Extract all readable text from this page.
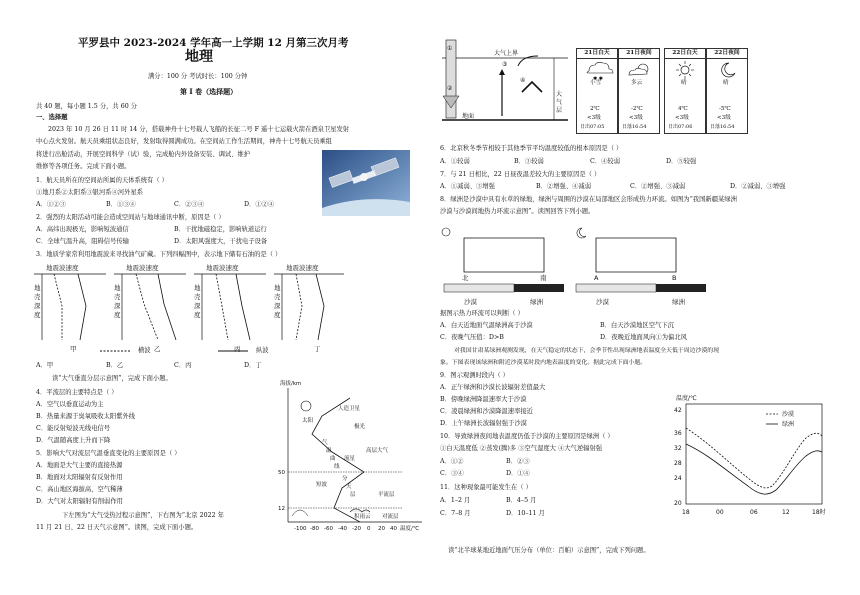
平罗县中 2023-2024 学年高一上学期 12 月第三次月考
地理
满分：100 分 考试时长：100 分钟
第 I 卷（选择题）
共 40 题，每小题 1.5 分，共 60 分
一、选择题
2023 年 10 月 26 日 11 时 14 分，搭载神舟十七号载人飞船的长征二号 F 遥十七运载火箭在酒泉卫星发射
中心点火发射。航天员乘组状态良好，发射取得圆满成功。在空间站工作生活期间，神舟十七号航天员乘组
将进行出舱活动，开展空间科学（试）验，完成舱内外设备安装、调试、维护
维修等各项任务。完成下面小题。
1．航天员所在的空间站所属的天体系统有（ ）
①地月系②太阳系③银河系④河外星系
A．①②③	B．①③④	C．②③④	D．①②④
2．强烈的太阳活动可能会造成空间站与地球通讯中断，原因是（ ）
A．高纬出现极光，影响短波通信	B．干扰地磁稳定，影响轨道运行
C．全球气温升高，阻碍信号传输	D．太阳风强度大，干扰电子设备
3．地质学家常利用地震波来寻找油气矿藏。下列四幅图中，表示地下储有石油的是（ ）
地震波速度
地
壳
深
度
甲
地震波速度
地
壳
深
度
乙
地震波速度
地
壳
深
度
丙
地震波速度
地
壳
深
度
丁
横波	纵波
A．甲	B．乙	C．丙	D．丁
读“大气垂直分层示意图”，完成下面小题。
4．平流层的主要特点是（ ）
A．空气以垂直运动为主
B．热量来源于臭氧吸收太阳紫外线
C．能反射短波无线电信号
D．气温随高度上升而下降
5．影响大气对流层气温垂直变化的主要原因是（ ）
A．地面是大气主要的直接热源
B．地面对太阳辐射有反射作用
C．高山地区海拔高，空气稀薄
D．大气对太阳辐射有削弱作用
下左图为“大气受热过程示意图”，下右图为“北京 2022 年
11 月 21 日、22 日天气示意图”。读图，完成下面小题。
海拔/km
50
12
-100 -80 -60 -40 -20 0 20 40 温度/℃
太阳
人造卫星
极光
高层大气
流星
平流层
对流层
积雨云
气
温
曲
线
短波
分
天
层
大气上界
①
②
③
④
地面
大
气
层
21日白天
✱ ✱
小雪
2℃
<3级
日出07:05
21日夜间
多云
-2℃
<3级
日落16:54
22日白天
晴
4℃
<3级
日出07:06
22日夜间
晴
-5℃
<3级
日落16:54
6．北京秋冬季节相较于其他季节平均温度较低的根本原因是（ ）
A．①较弱	B．③较弱	C．④较弱	D．⑤较强
7．与 21 日相比，22 日昼夜温差较大的主要原因是（ ）
A．①减弱、③增强	B．②增强、④减弱	C．②增强、③减弱	D．②减弱、③增强
8．绿洲是沙漠中具有水草的绿地，绿洲与周围的沙漠在局部地区会形成热力环流。如图为“我国新疆某绿洲
沙漠与沙漠间地热力环流示意图”。读图回答下列小题。
北	南
沙漠	绿洲
A	B
沙漠	绿洲
据图示热力环流可以判断（ ）
A．白天近地面气温绿洲高于沙漠	B．白天沙漠地区空气下沉
C．夜晚气压值：D>B	D．夜晚近地面风向①为偏北风
对我国甘肃某绿洲观测发现，在天气稳定的状态下，会季节性出现绿洲地表温度全天低于周边沙漠的现
象。下图表现该绿洲和附近沙漠某时段内地表温度的变化。据此完成下面小题。
9．图示观测时段内（ ）
A．正午绿洲和沙漠长波辐射差值最大
B．傍晚绿洲降温速率大于沙漠
C．凌晨绿洲和沙漠降温速率接近
D．上午绿洲长波辐射强于沙漠
10．导致绿洲夜间地表温度仍低于沙漠的主要原因是绿洲（ ）
①白天温度低 ②蒸发(腾)多 ③空气湿度大 ④大气逆辐射强
A．①②	B．②③
C．③④	D．①④
11．这种现象最可能发生在（ ）
A．1–2 月	B．4–5 月
C．7–8 月	D．10–11 月
温度/℃
42
36
32
28
24
20
18	00	06	12	18时
沙漠
绿洲
读“北半球某地近地面气压分布（单位：百帕）示意图”，完成下列问题。
